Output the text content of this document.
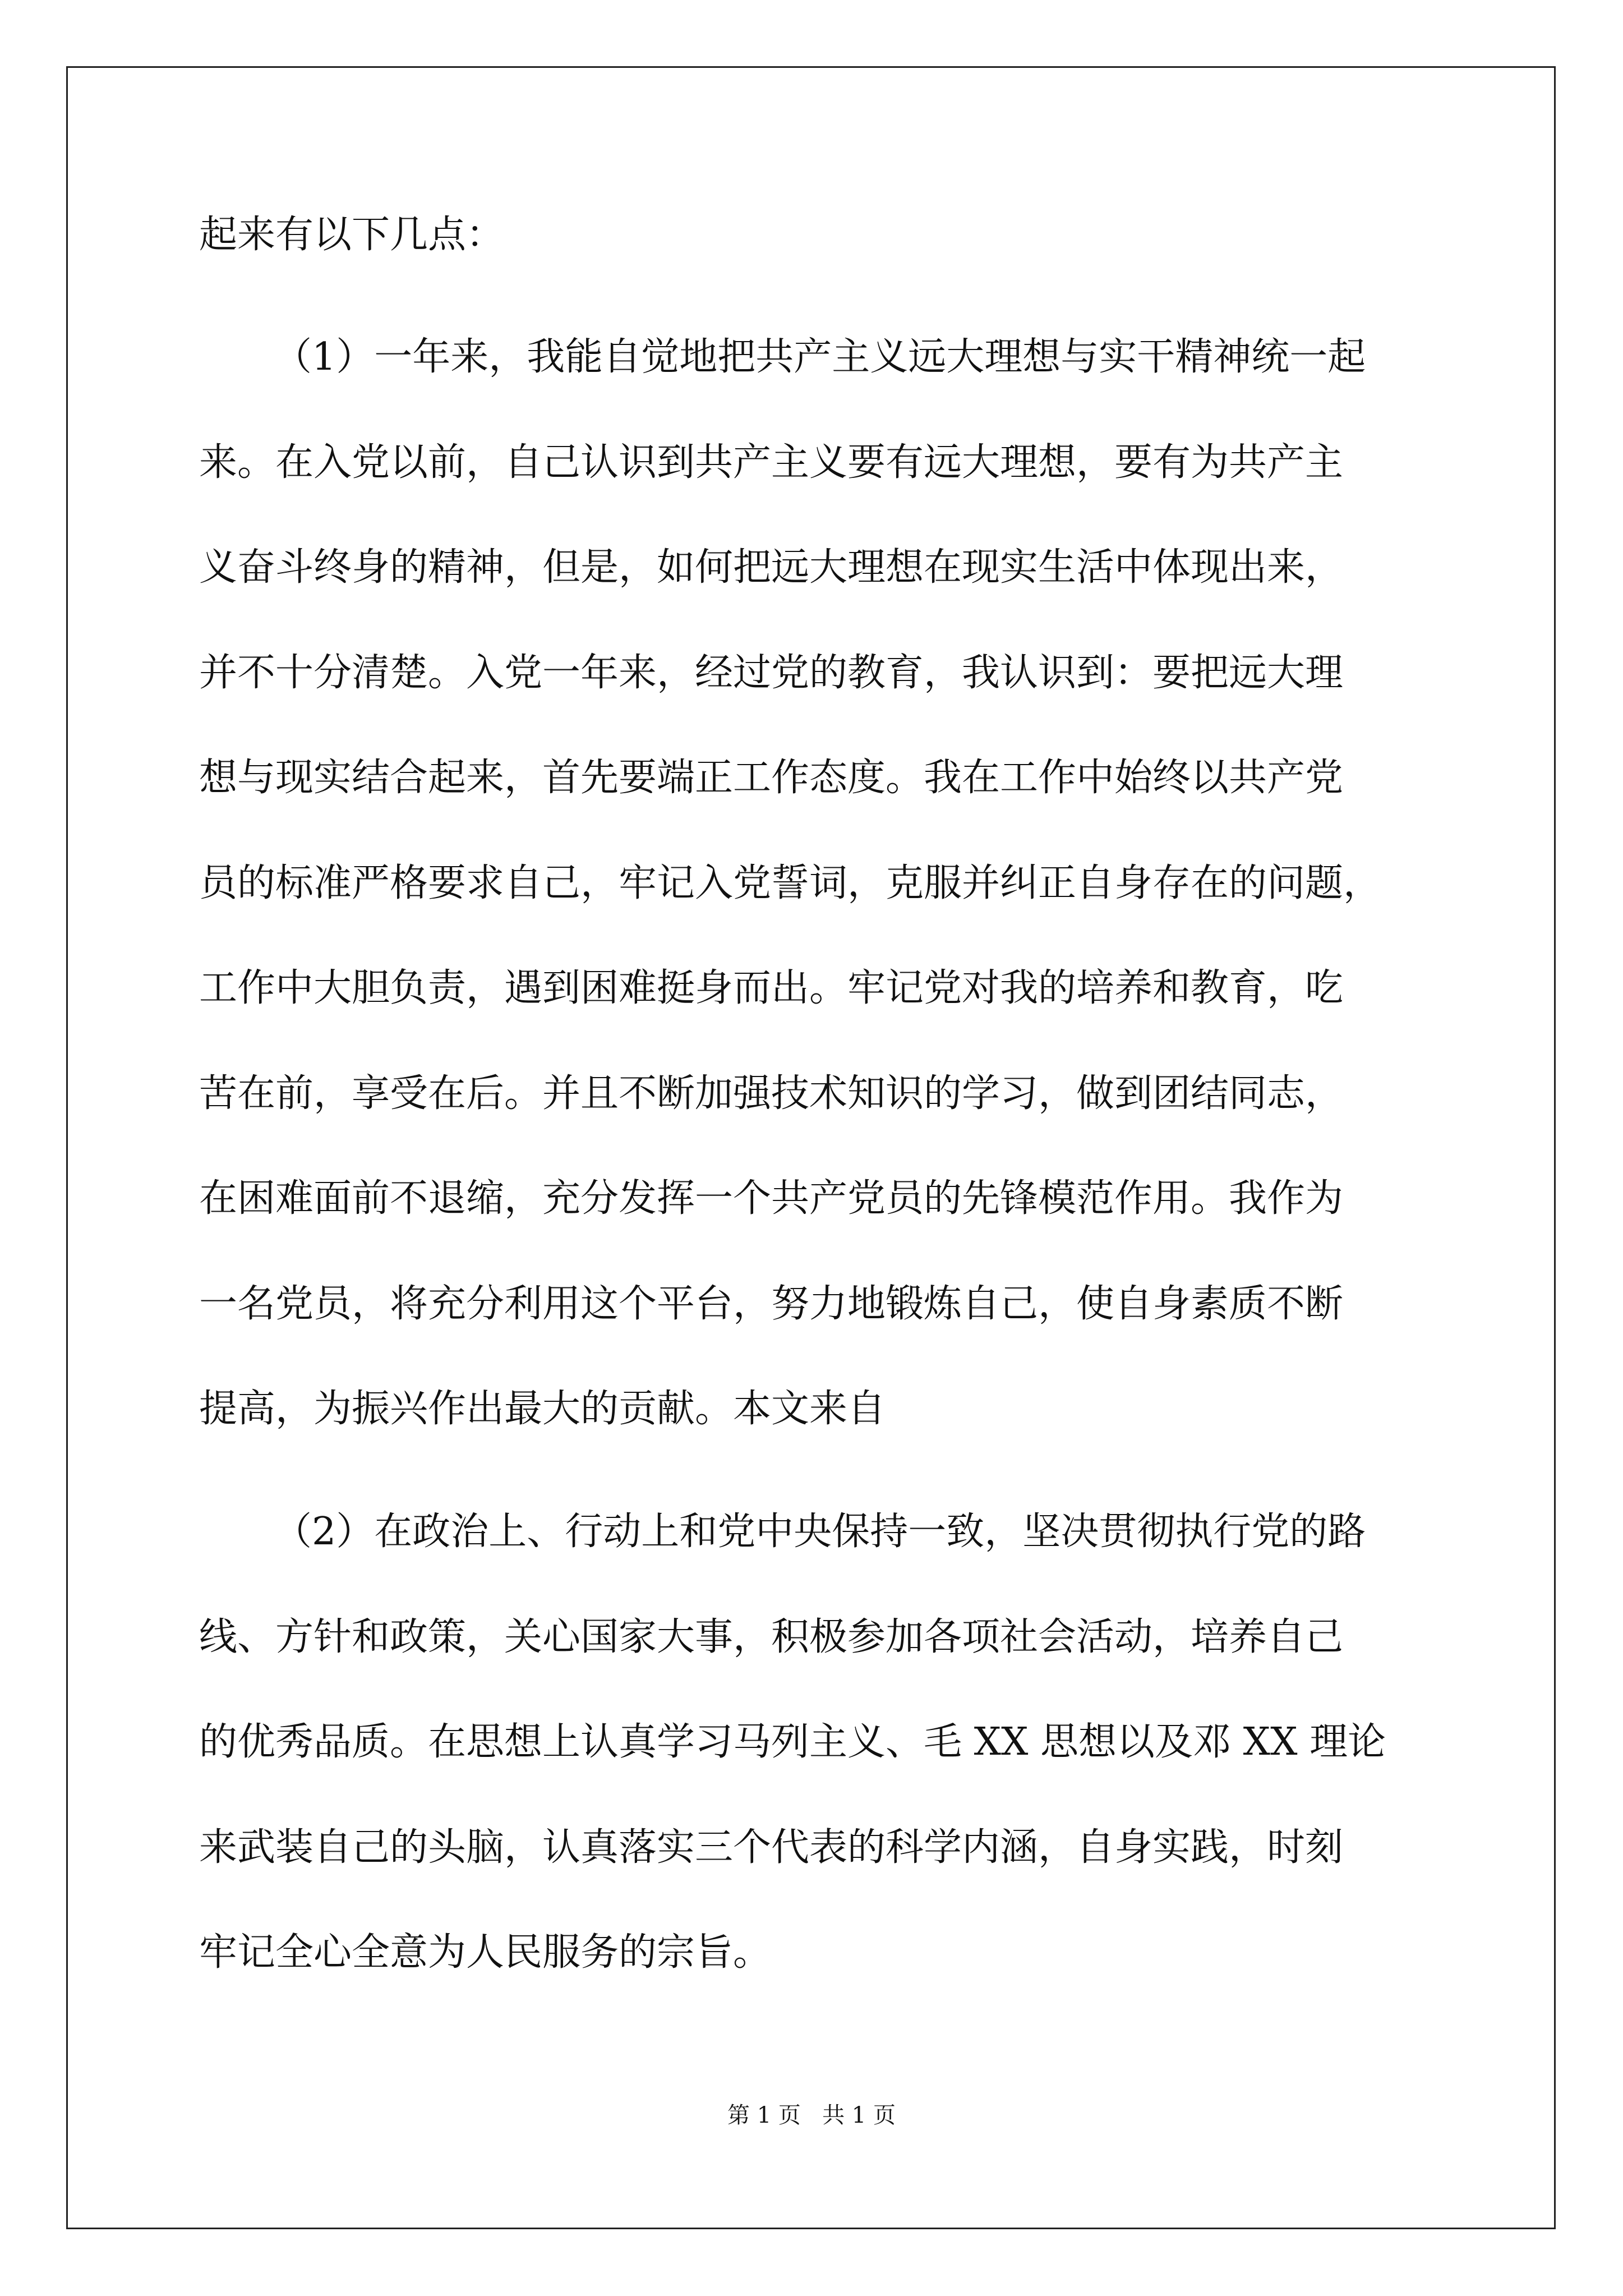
起来有以下几点：
（1）一年来，我能自觉地把共产主义远大理想与实干精神统一起
来。在入党以前，自己认识到共产主义要有远大理想，要有为共产主
义奋斗终身的精神，但是，如何把远大理想在现实生活中体现出来，
并不十分清楚。入党一年来，经过党的教育，我认识到：要把远大理
想与现实结合起来，首先要端正工作态度。我在工作中始终以共产党
员的标准严格要求自己，牢记入党誓词，克服并纠正自身存在的问题，
工作中大胆负责，遇到困难挺身而出。牢记党对我的培养和教育，吃
苦在前，享受在后。并且不断加强技术知识的学习，做到团结同志，
在困难面前不退缩，充分发挥一个共产党员的先锋模范作用。我作为
一名党员，将充分利用这个平台，努力地锻炼自己，使自身素质不断
提高，为振兴作出最大的贡献。本文来自
（2）在政治上、行动上和党中央保持一致，坚决贯彻执行党的路
线、方针和政策，关心国家大事，积极参加各项社会活动，培养自己
的优秀品质。在思想上认真学习马列主义、毛 XX 思想以及邓 XX 理论
来武装自己的头脑，认真落实三个代表的科学内涵，自身实践，时刻
牢记全心全意为人民服务的宗旨。
第 1 页   共 1 页
